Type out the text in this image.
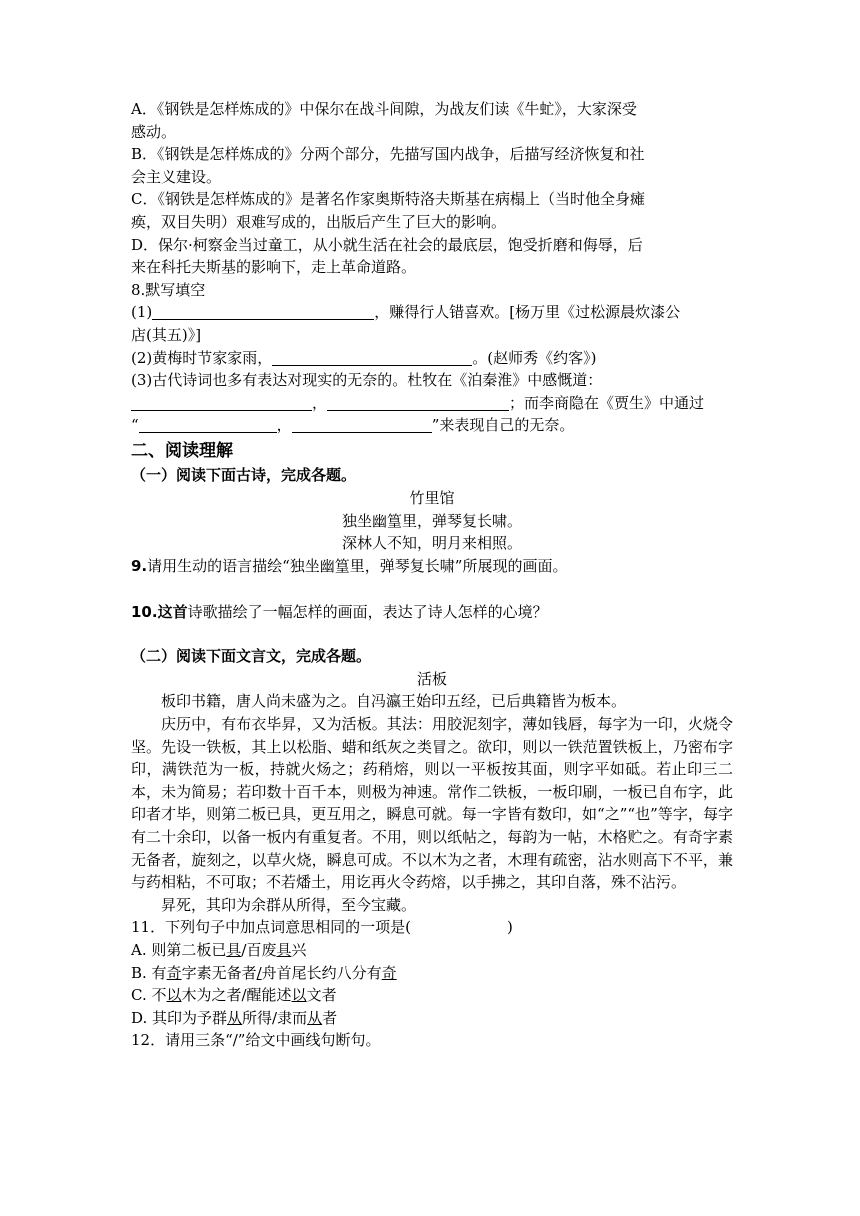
A．《钢铁是怎样炼成的》中保尔在战斗间隙，为战友们读《牛虻》，大家深受
感动。
B．《钢铁是怎样炼成的》分两个部分，先描写国内战争，后描写经济恢复和社
会主义建设。
C．《钢铁是怎样炼成的》是著名作家奥斯特洛夫斯基在病榻上（当时他全身瘫
痪，双目失明）艰难写成的，出版后产生了巨大的影响。
D．保尔·柯察金当过童工，从小就生活在社会的最底层，饱受折磨和侮辱，后
来在科托夫斯基的影响下，走上革命道路。
8.默写填空
(1)	，赚得行人错喜欢。[杨万里《过松源晨炊漆公
店(其五)》]
(2)黄梅时节家家雨，	。(赵师秀《约客》)
(3)古代诗词也多有表达对现实的无奈的。杜牧在《泊秦淮》中感慨道：
，	；而李商隐在《贾生》中通过
“	，	”来表现自己的无奈。
二、阅读理解
（一）阅读下面古诗，完成各题。
竹里馆
独坐幽篁里，弹琴复长啸。
深林人不知，明月来相照。
9.请用生动的语言描绘“独坐幽篁里，弹琴复长啸”所展现的画面。
10.这首诗歌描绘了一幅怎样的画面，表达了诗人怎样的心境？
（二）阅读下面文言文，完成各题。
活板
板印书籍，唐人尚未盛为之。自冯瀛王始印五经，已后典籍皆为板本。
庆历中，有布衣毕昇，又为活板。其法：用胶泥刻字，薄如钱唇，每字为一印，火烧令坚。先设一铁板，其上以松脂、蜡和纸灰之类冒之。欲印，则以一铁范置铁板上，乃密布字印，满铁范为一板，持就火炀之；药稍熔，则以一平板按其面，则字平如砥。若止印三二本，未为简易；若印数十百千本，则极为神速。常作二铁板，一板印刷，一板已自布字，此印者才毕，则第二板已具，更互用之，瞬息可就。每一字皆有数印，如“之”“也”等字，每字有二十余印，以备一板内有重复者。不用，则以纸帖之，每韵为一帖，木格贮之。有奇字素无备者，旋刻之，以草火烧，瞬息可成。不以木为之者，木理有疏密，沾水则高下不平，兼与药相粘，不可取；不若燔土，用讫再火令药熔，以手拂之，其印自落，殊不沾污。
昇死，其印为余群从所得，至今宝藏。
11．下列句子中加点词意思相同的一项是(	)
A. 则第二板已具/百废具兴
B. 有奇字素无备者/舟首尾长约八分有奇
C. 不以木为之者/醒能述以文者
D. 其印为予群从所得/隶而从者
12．请用三条“/”给文中画线句断句。
